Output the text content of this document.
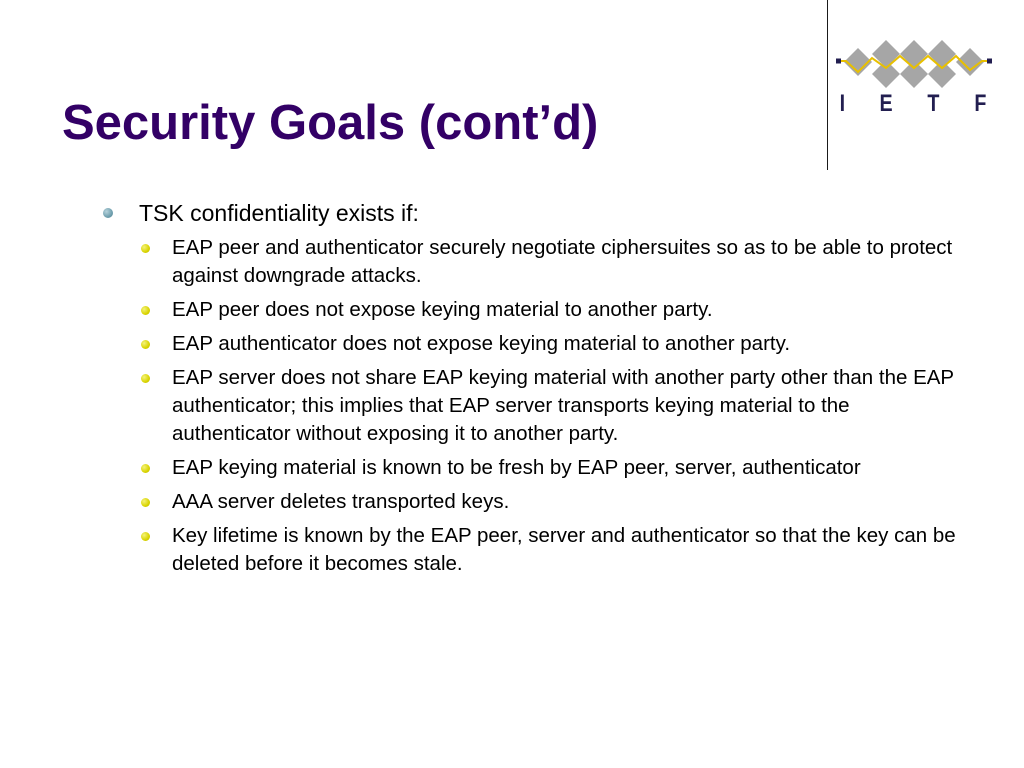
Security Goals (cont’d)	I E T F
TSK confidentiality exists if:
EAP peer and authenticator securely negotiate ciphersuites so as to be able to protect against downgrade attacks.
EAP peer does not expose keying material to another party.
EAP authenticator does not expose keying material to another party.
EAP server does not share EAP keying material with another party other than the EAP authenticator; this implies that EAP server transports keying material to the authenticator without exposing it to another party.
EAP keying material is known to be fresh by EAP peer, server, authenticator
AAA server deletes transported keys.
Key lifetime is known by the EAP peer, server and authenticator so that the key can be deleted before it becomes stale.
